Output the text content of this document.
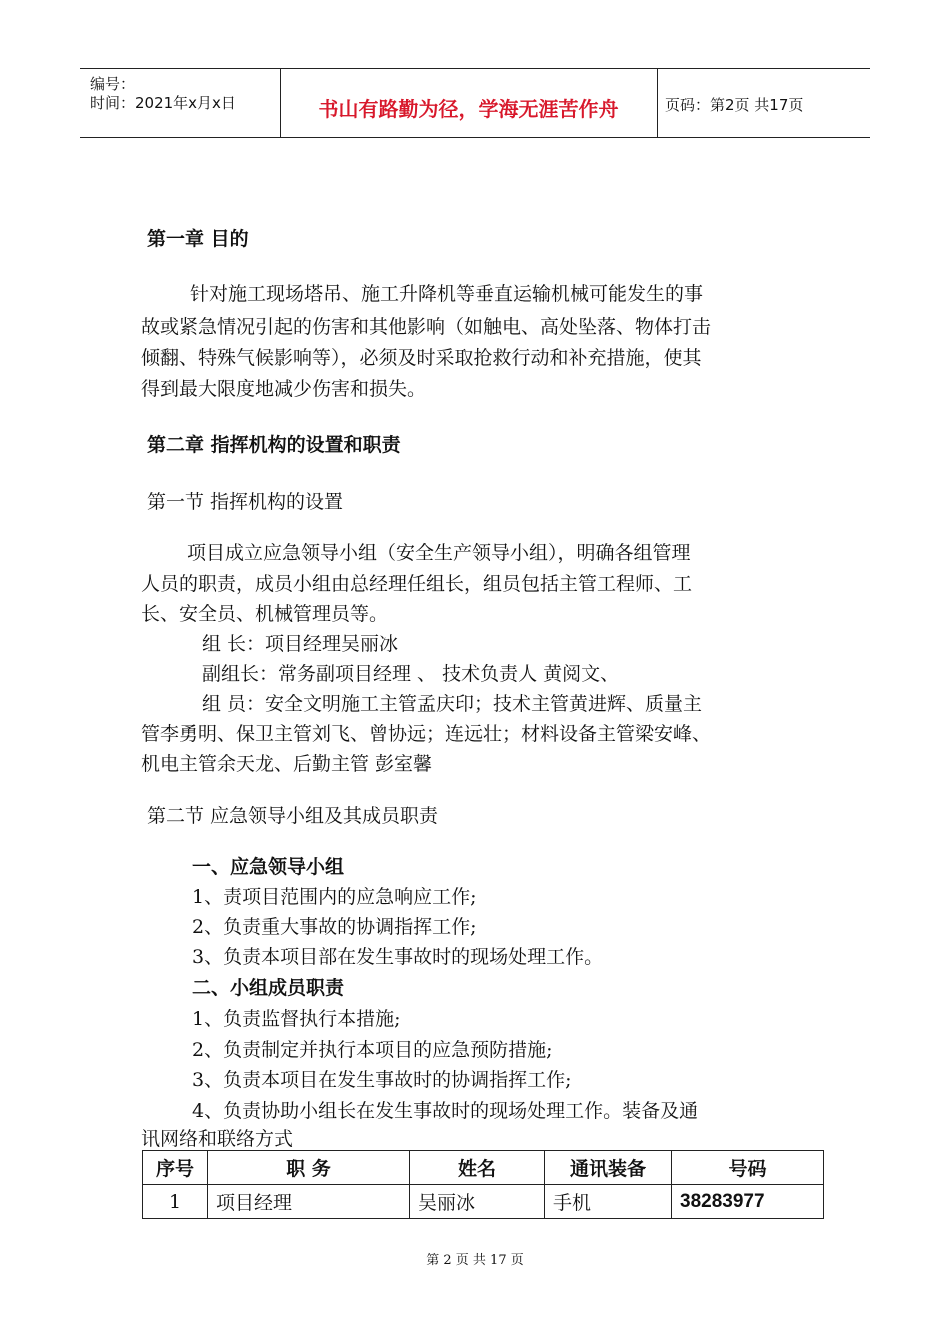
编号：
时间：2021年x月x日	书山有路勤为径，学海无涯苦作舟	页码：第2页 共17页
第一章 目的
针对施工现场塔吊、施工升降机等垂直运输机械可能发生的事
故或紧急情况引起的伤害和其他影响（如触电、高处坠落、物体打击
倾翻、特殊气候影响等），必须及时采取抢救行动和补充措施，使其
得到最大限度地减少伤害和损失。
第二章 指挥机构的设置和职责
第一节 指挥机构的设置
项目成立应急领导小组（安全生产领导小组），明确各组管理
人员的职责，成员小组由总经理任组长，组员包括主管工程师、工
长、安全员、机械管理员等。
组 长：项目经理吴丽冰
副组长：常务副项目经理 、 技术负责人 黄阅文、
组 员：安全文明施工主管孟庆印；技术主管黄进辉、质量主
管李勇明、保卫主管刘飞、曾协远；连远壮；材料设备主管梁安峰、
机电主管余天龙、后勤主管 彭室馨
第二节 应急领导小组及其成员职责
一、应急领导小组
1、责项目范围内的应急响应工作;
2、负责重大事故的协调指挥工作;
3、负责本项目部在发生事故时的现场处理工作。
二、小组成员职责
1、负责监督执行本措施;
2、负责制定并执行本项目的应急预防措施;
3、负责本项目在发生事故时的协调指挥工作;
4、负责协助小组长在发生事故时的现场处理工作。装备及通
讯网络和联络方式
序号	职 务	姓名	通讯装备	号码
1	项目经理	吴丽冰	手机	38283977
第 2 页 共 17 页
